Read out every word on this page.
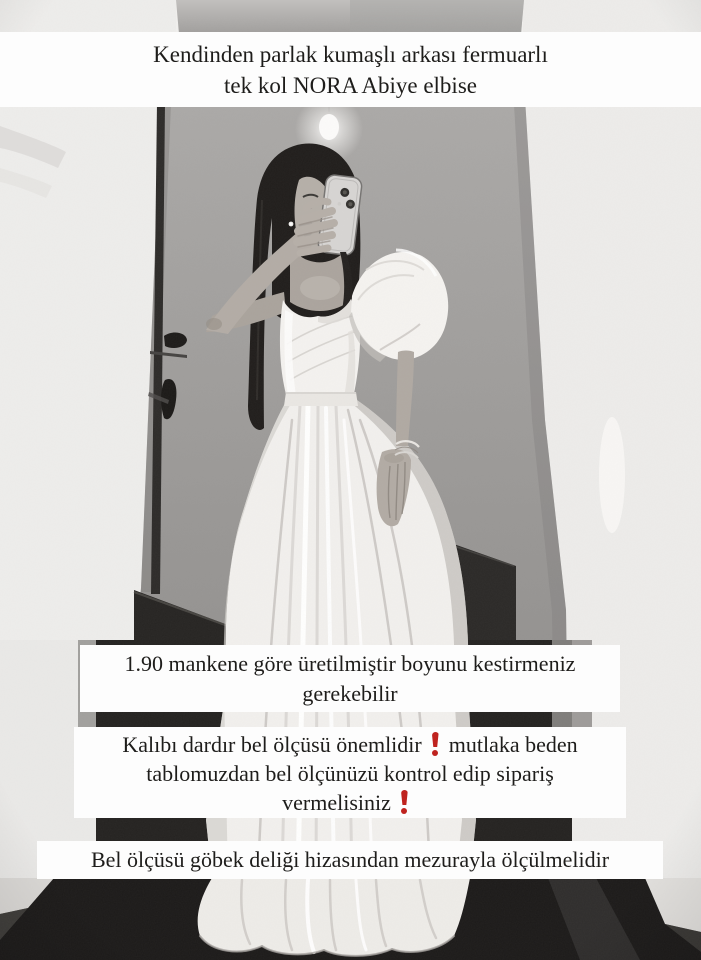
Kendinden parlak kumaşlı arkası fermuarlı
tek kol NORA Abiye elbise
1.90 mankene göre üretilmiştir boyunu kestirmeniz
gerekebilir
Kalıbı dardır bel ölçüsü önemlidir mutlaka beden
tablomuzdan bel ölçünüzü kontrol edip sipariş
vermelisiniz
Bel ölçüsü göbek deliği hizasından mezurayla ölçülmelidir
